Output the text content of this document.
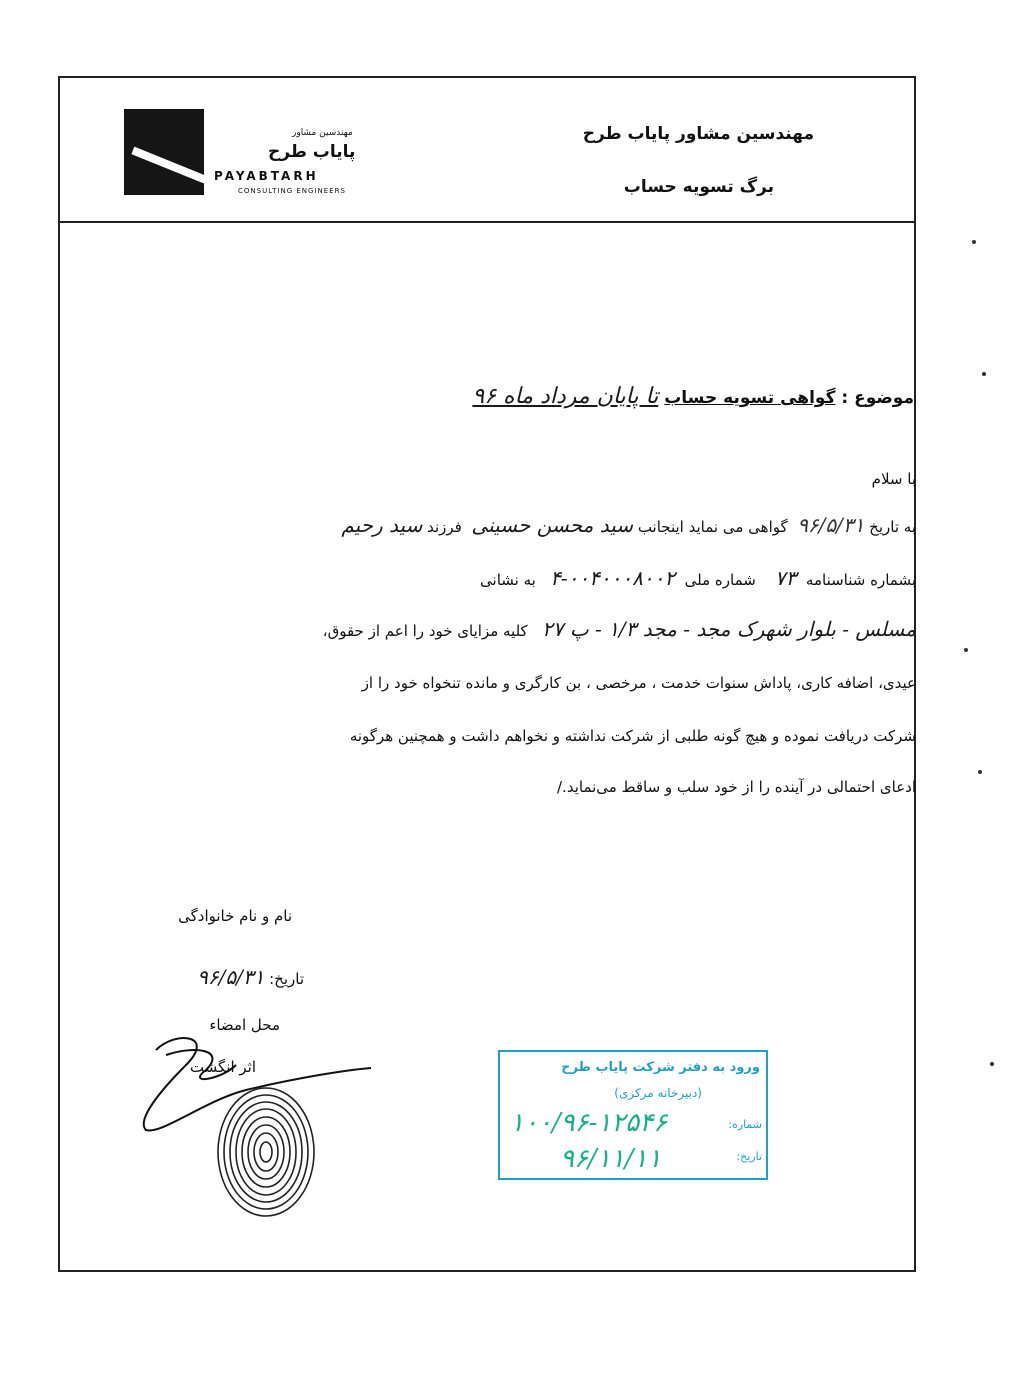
مهندسین مشاور
پایاب طرح
PAYABTARH
CONSULTING ENGINEERS
مهندسین مشاور پایاب طرح
برگ تسویه حساب
موضوع : گواهی تسویه حساب تا پایان مرداد ماه ۹۶
با سلام
به تاریخ ۹۶/۵/۳۱  گواهی می نماید اینجانب سید محسن حسینی  فرزند سید رحیم
بشماره شناسنامه  ۷۳    شماره ملی  ۰۰۴۰۰۰۸۰۰۲-۴   به نشانی
مسلس - بلوار شهرک مجد - مجد ۱/۳ - پ ۲۷   کلیه مزایای خود را اعم از حقوق،
عیدی، اضافه کاری، پاداش سنوات خدمت ، مرخصی ، بن کارگری و مانده تنخواه خود را از
شرکت دریافت نموده و هیچ گونه طلبی از شرکت نداشته و نخواهم داشت و همچنین هرگونه
ادعای احتمالی در آینده را از خود سلب و ساقط می‌نماید./
نام و نام خانوادگی
تاریخ: ۹۶/۵/۳۱
محل امضاء
اثر انگشت	ورود به دفتر شرکت پایاب طرح
(دبیرخانه مرکزی)
شماره:
۱۰۰/۹۶-۱۲۵۴۶
تاریخ:
۹۶/۱۱/۱۱
